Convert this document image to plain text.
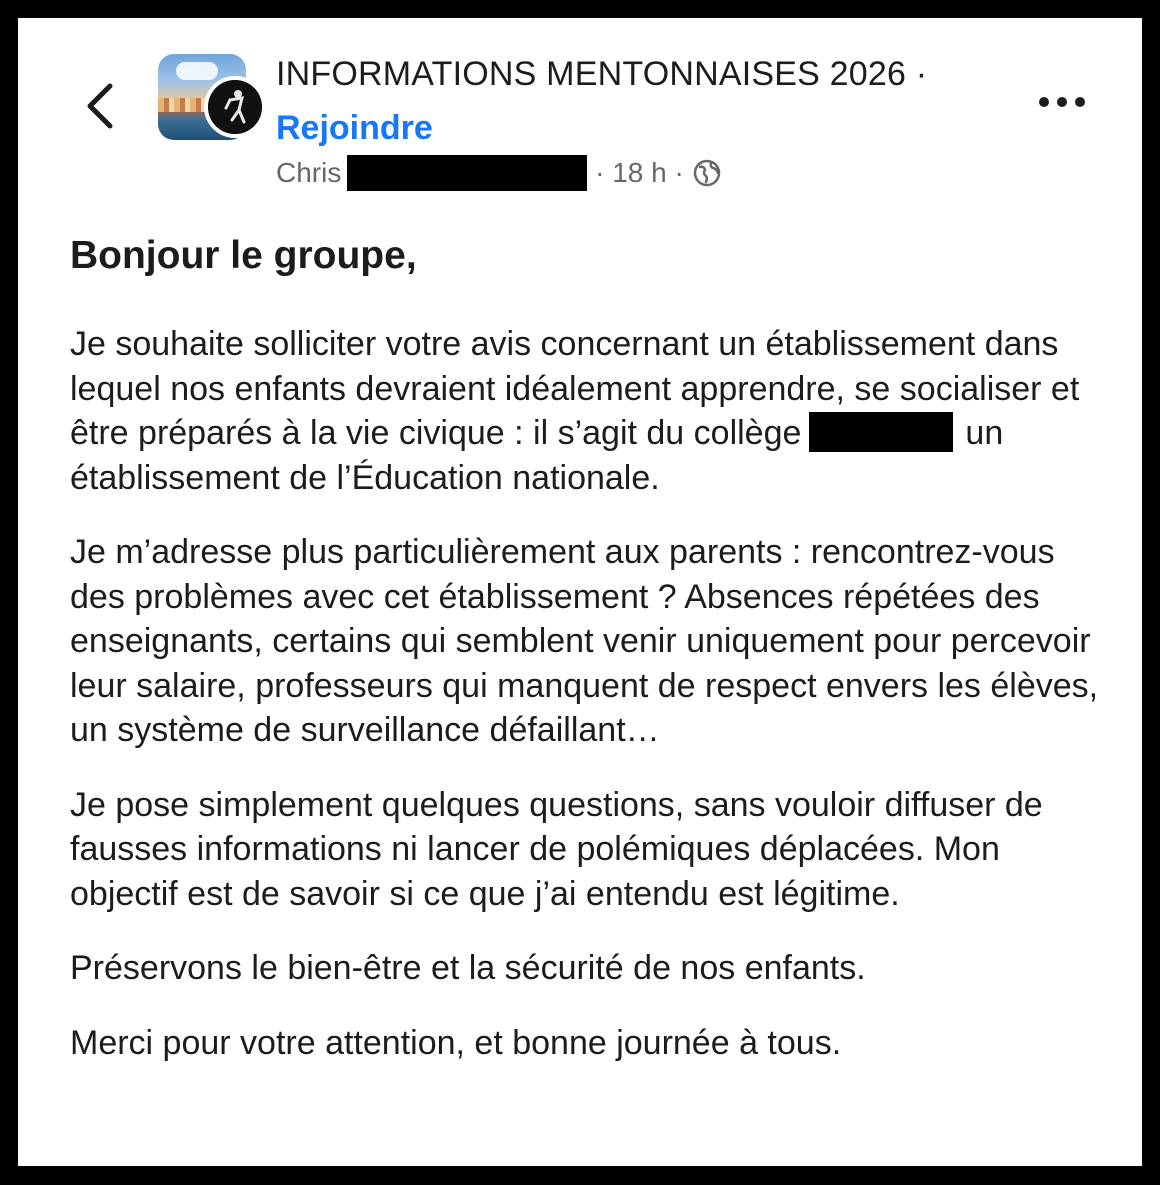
INFORMATIONS MENTONNAISES 2026 ·
Rejoindre
Chris	· 18 h ·
Bonjour le groupe,

Je souhaite solliciter votre avis concernant un établissement dans lequel nos enfants devraient idéalement apprendre, se socialiser et être préparés à la vie civique : il s’agit du collège	un établissement de l’Éducation nationale.

Je m’adresse plus particulièrement aux parents : rencontrez-vous des problèmes avec cet établissement ? Absences répétées des enseignants, certains qui semblent venir uniquement pour percevoir leur salaire, professeurs qui manquent de respect envers les élèves, un système de surveillance défaillant…

Je pose simplement quelques questions, sans vouloir diffuser de fausses informations ni lancer de polémiques déplacées. Mon objectif est de savoir si ce que j’ai entendu est légitime.

Préservons le bien-être et la sécurité de nos enfants.

Merci pour votre attention, et bonne journée à tous.
